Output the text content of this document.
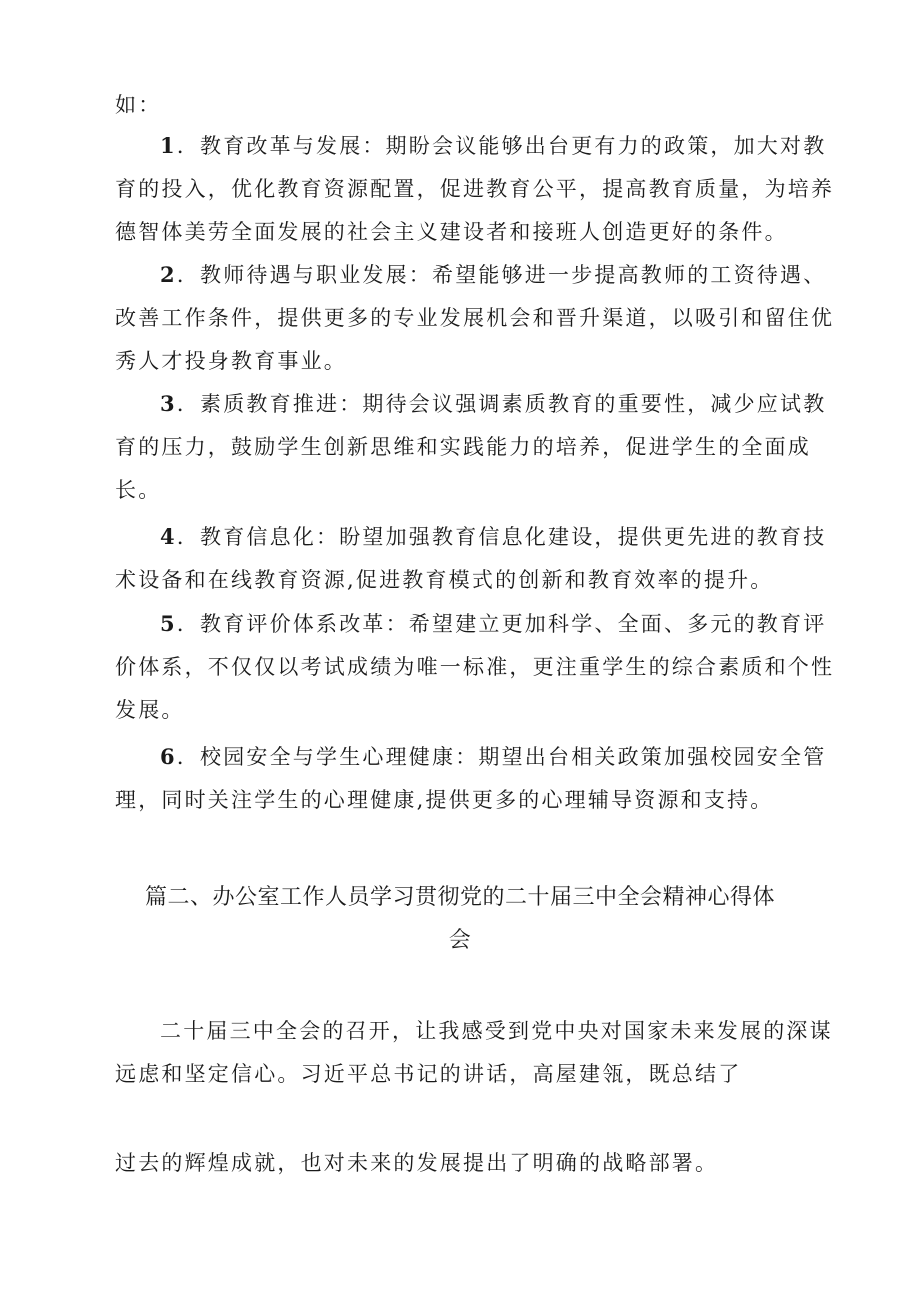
如：
1．教育改革与发展：期盼会议能够出台更有力的政策，加大对教
育的投入，优化教育资源配置，促进教育公平，提高教育质量，为培养
德智体美劳全面发展的社会主义建设者和接班人创造更好的条件。
2．教师待遇与职业发展：希望能够进一步提高教师的工资待遇、
改善工作条件，提供更多的专业发展机会和晋升渠道，以吸引和留住优
秀人才投身教育事业。
3．素质教育推进：期待会议强调素质教育的重要性，减少应试教
育的压力，鼓励学生创新思维和实践能力的培养，促进学生的全面成
长。
4．教育信息化：盼望加强教育信息化建设，提供更先进的教育技
术设备和在线教育资源,促进教育模式的创新和教育效率的提升。
5．教育评价体系改革：希望建立更加科学、全面、多元的教育评
价体系，不仅仅以考试成绩为唯一标准，更注重学生的综合素质和个性
发展。
6．校园安全与学生心理健康：期望出台相关政策加强校园安全管
理，同时关注学生的心理健康,提供更多的心理辅导资源和支持。
篇二、办公室工作人员学习贯彻党的二十届三中全会精神心得体
会
二十届三中全会的召开，让我感受到党中央对国家未来发展的深谋
远虑和坚定信心。习近平总书记的讲话，高屋建瓴，既总结了
过去的辉煌成就，也对未来的发展提出了明确的战略部署。
